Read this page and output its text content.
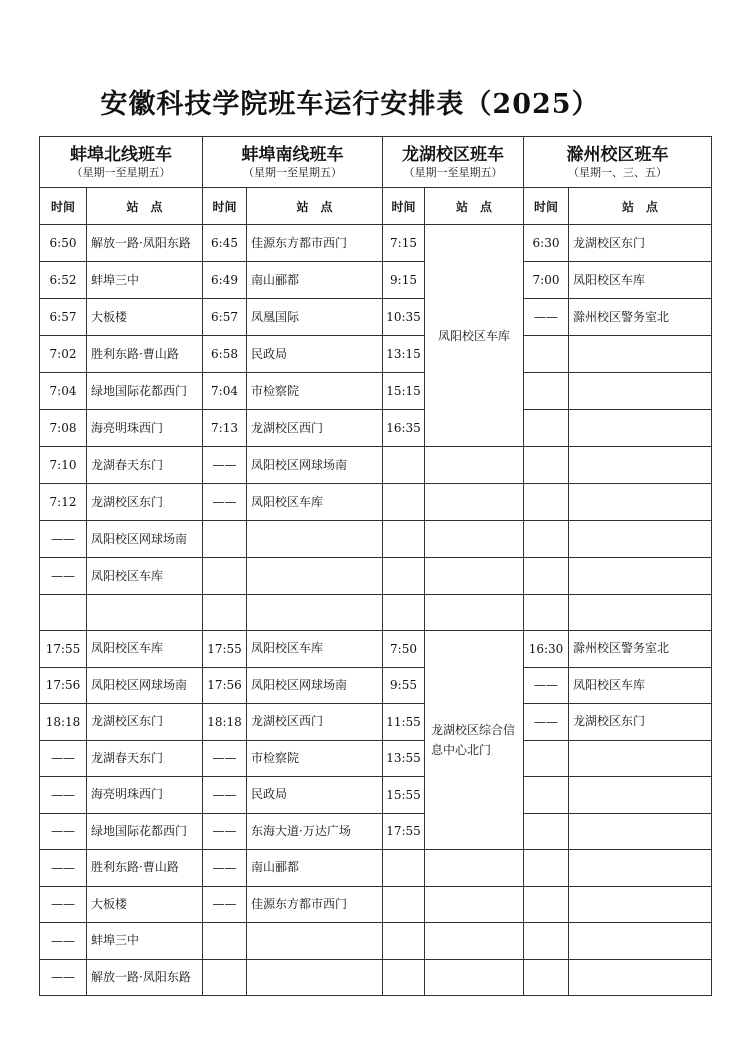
安徽科技学院班车运行安排表（2025）
蚌埠北线班车
（星期一至星期五）		蚌埠南线班车
（星期一至星期五）		龙湖校区班车
（星期一至星期五）		滁州校区班车
（星期一、三、五）	

时间	站　点	时间	站　点	时间	站　点	时间	站　点
6:50	解放一路·凤阳东路	6:45	佳源东方都市西门	7:15	凤阳校区车库	6:30	龙湖校区东门
6:52	蚌埠三中	6:49	南山郦都	9:15		7:00	凤阳校区车库
6:57	大板楼	6:57	凤凰国际	10:35		——	滁州校区警务室北
7:02	胜利东路·曹山路	6:58	民政局	13:15			
7:04	绿地国际花都西门	7:04	市检察院	15:15			
7:08	海亮明珠西门	7:13	龙湖校区西门	16:35			
7:10	龙湖春天东门	——	凤阳校区网球场南				
7:12	龙湖校区东门	——	凤阳校区车库				
——	凤阳校区网球场南						
——	凤阳校区车库						

17:55	凤阳校区车库	17:55	凤阳校区车库	7:50	龙湖校区综合信息中心北门	16:30	滁州校区警务室北
17:56	凤阳校区网球场南	17:56	凤阳校区网球场南	9:55		——	凤阳校区车库
18:18	龙湖校区东门	18:18	龙湖校区西门	11:55		——	龙湖校区东门
——	龙湖春天东门	——	市检察院	13:55			
——	海亮明珠西门	——	民政局	15:55			
——	绿地国际花都西门	——	东海大道·万达广场	17:55			
——	胜利东路·曹山路	——	南山郦都				
——	大板楼	——	佳源东方都市西门				
——	蚌埠三中						
——	解放一路·凤阳东路						
